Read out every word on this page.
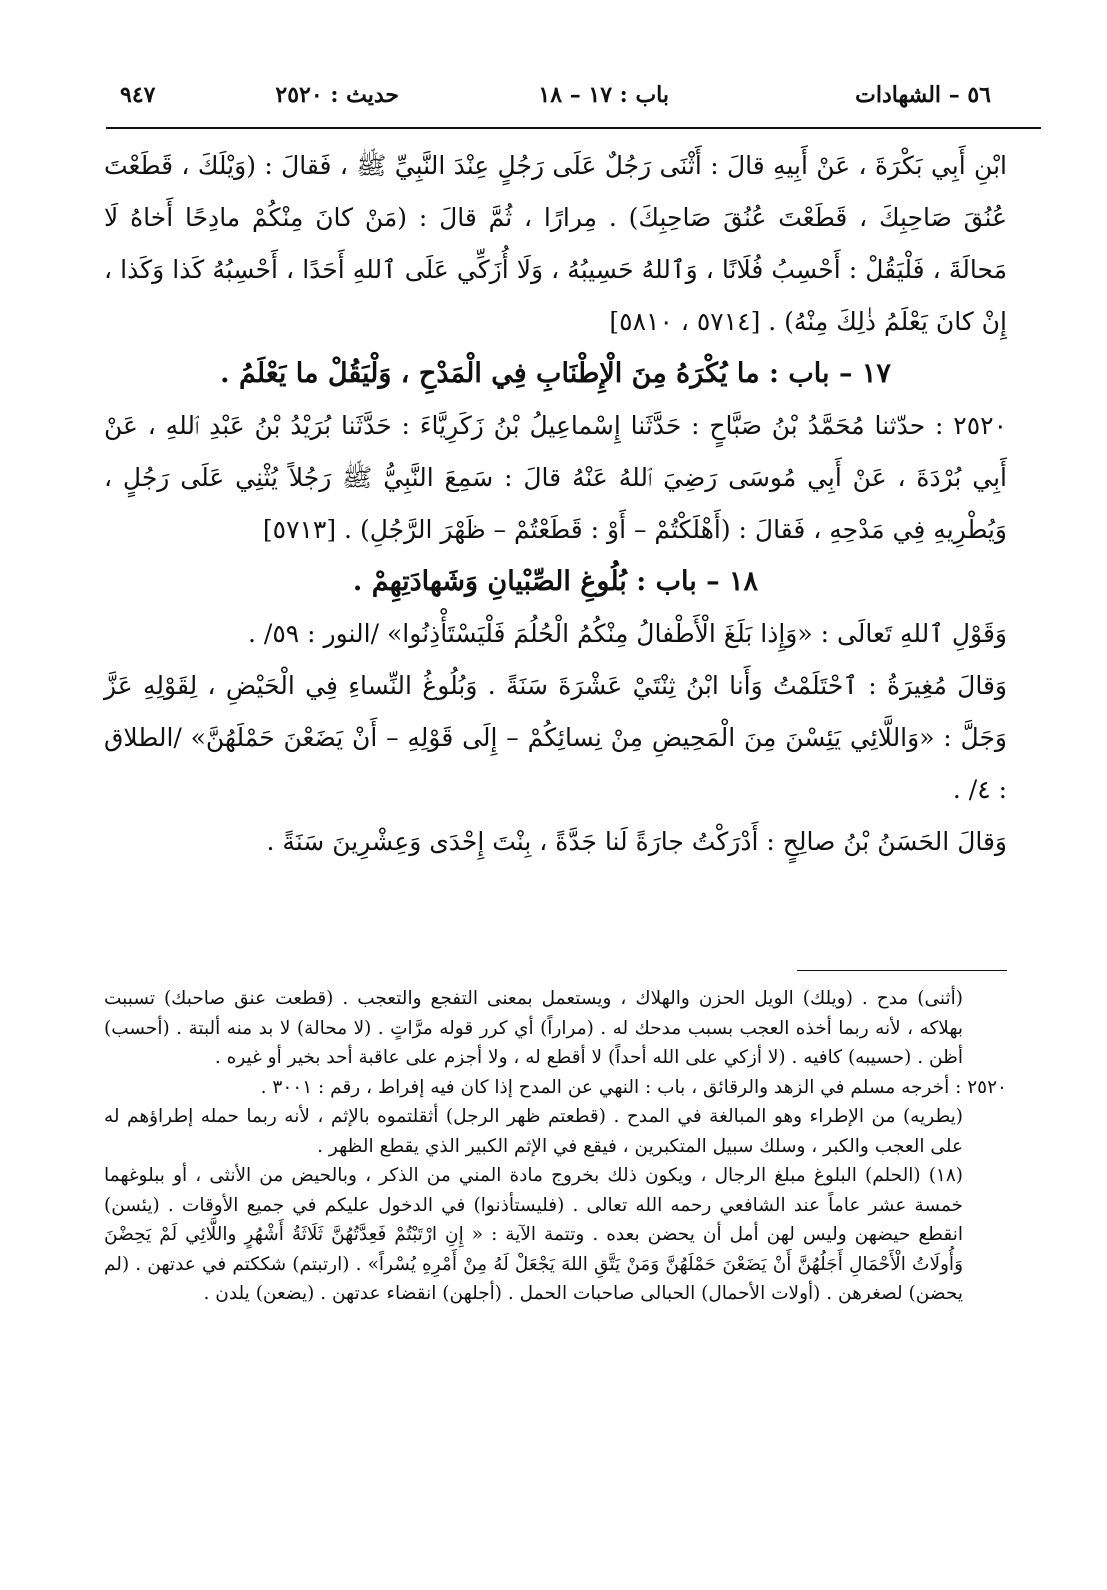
٥٦ – الشهادات
باب : ١٧ – ١٨
حديث : ٢٥٢٠
٩٤٧

ابْنِ أَبِي بَكْرَةَ ، عَنْ أَبِيهِ قالَ : أَثْنَى رَجُلٌ عَلَى رَجُلٍ عِنْدَ النَّبِيِّ ﷺ ، فَقالَ : (وَيْلَكَ ، قَطَعْتَ عُنُقَ صَاحِبِكَ ، قَطَعْتَ عُنُقَ صَاحِبِكَ) . مِرارًا ، ثُمَّ قالَ : (مَنْ كانَ مِنْكُمْ مادِحًا أَخاهُ لَا مَحالَةَ ، فَلْيَقُلْ : أَحْسِبُ فُلَانًا ، وَٱللهُ حَسِيبُهُ ، وَلَا أُزَكِّي عَلَى ٱللهِ أَحَدًا ، أَحْسِبُهُ كَذا وَكَذا ، إِنْ كانَ يَعْلَمُ ذٰلِكَ مِنْهُ) . [٥٧١٤ ، ٥٨١٠]

١٧ – باب : ما يُكْرَهُ مِنَ الْإِطْنَابِ فِي الْمَدْحِ ، وَلْيَقُلْ ما يَعْلَمُ .

٢٥٢٠ : حدّثنا مُحَمَّدُ بْنُ صَبَّاحٍ : حَدَّثَنا إِسْماعِيلُ بْنُ زَكَرِيَّاءَ : حَدَّثَنا بُرَيْدُ بْنُ عَبْدِ ٱللهِ ، عَنْ أَبِي بُرْدَةَ ، عَنْ أَبِي مُوسَى رَضِيَ ٱللهُ عَنْهُ قالَ : سَمِعَ النَّبِيُّ ﷺ رَجُلاً يُثْنِي عَلَى رَجُلٍ ، وَيُطْرِيهِ فِي مَدْحِهِ ، فَقالَ : (أَهْلَكْتُمْ – أَوْ : قَطَعْتُمْ – ظَهْرَ الرَّجُلِ) . [٥٧١٣]

١٨ – باب : بُلُوغِ الصِّبْيانِ وَشَهادَتِهِمْ .

وَقَوْلِ ٱللهِ تَعالَى : «وَإِذا بَلَغَ الْأَطْفالُ مِنْكُمُ الْحُلُمَ فَلْيَسْتَأْذِنُوا» /النور : ٥٩/ .

وَقالَ مُغِيرَةُ : ٱحْتَلَمْتُ وَأَنا ابْنُ ثِنْتَيْ عَشْرَةَ سَنَةً . وَبُلُوغُ النِّساءِ فِي الْحَيْضِ ، لِقَوْلِهِ عَزَّ وَجَلَّ : «وَاللَّائِي يَئِسْنَ مِنَ الْمَحِيضِ مِنْ نِسائِكُمْ – إِلَى قَوْلِهِ – أَنْ يَضَعْنَ حَمْلَهُنَّ» /الطلاق : ٤/ .

وَقالَ الحَسَنُ بْنُ صالِحٍ : أَدْرَكْتُ جارَةً لَنا جَدَّةً ، بِنْتَ إِحْدَى وَعِشْرِينَ سَنَةً .

(أثنى) مدح . (ويلك) الويل الحزن والهلاك ، ويستعمل بمعنى التفجع والتعجب . (قطعت عنق صاحبك) تسببت بهلاكه ، لأنه ربما أخذه العجب بسبب مدحك له . (مراراً) أي كرر قوله مرَّاتٍ . (لا محالة) لا بد منه ألبتة . (أحسب) أظن . (حسيبه) كافيه . (لا أزكي على الله أحداً) لا أقطع له ، ولا أجزم على عاقبة أحد بخير أو غيره .

٢٥٢٠ : أخرجه مسلم في الزهد والرقائق ، باب : النهي عن المدح إذا كان فيه إفراط ، رقم : ٣٠٠١ .

(يطريه) من الإطراء وهو المبالغة في المدح . (قطعتم ظهر الرجل) أثقلتموه بالإثم ، لأنه ربما حمله إطراؤهم له على العجب والكبر ، وسلك سبيل المتكبرين ، فيقع في الإثم الكبير الذي يقطع الظهر .

(١٨) (الحلم) البلوغ مبلغ الرجال ، ويكون ذلك بخروج مادة المني من الذكر ، وبالحيض من الأنثى ، أو ببلوغهما خمسة عشر عاماً عند الشافعي رحمه الله تعالى . (فليستأذنوا) في الدخول عليكم في جميع الأوقات . (يئسن) انقطع حيضهن وليس لهن أمل أن يحضن بعده . وتتمة الآية : « إِنِ ارْتَبْتُمْ فَعِدَّتُهُنَّ ثَلَاثَةُ أَشْهُرٍ واللَّائِي لَمْ يَحِضْنَ وَأُولَاتُ الْأَحْمَالِ أَجَلُهُنَّ أَنْ يَضَعْنَ حَمْلَهُنَّ وَمَنْ يَتَّقِ اللهَ يَجْعَلْ لَهُ مِنْ أَمْرِهِ يُسْراً» . (ارتبتم) شككتم في عدتهن . (لم يحضن) لصغرهن . (أولات الأحمال) الحبالى صاحبات الحمل . (أجلهن) انقضاء عدتهن . (يضعن) يلدن .
